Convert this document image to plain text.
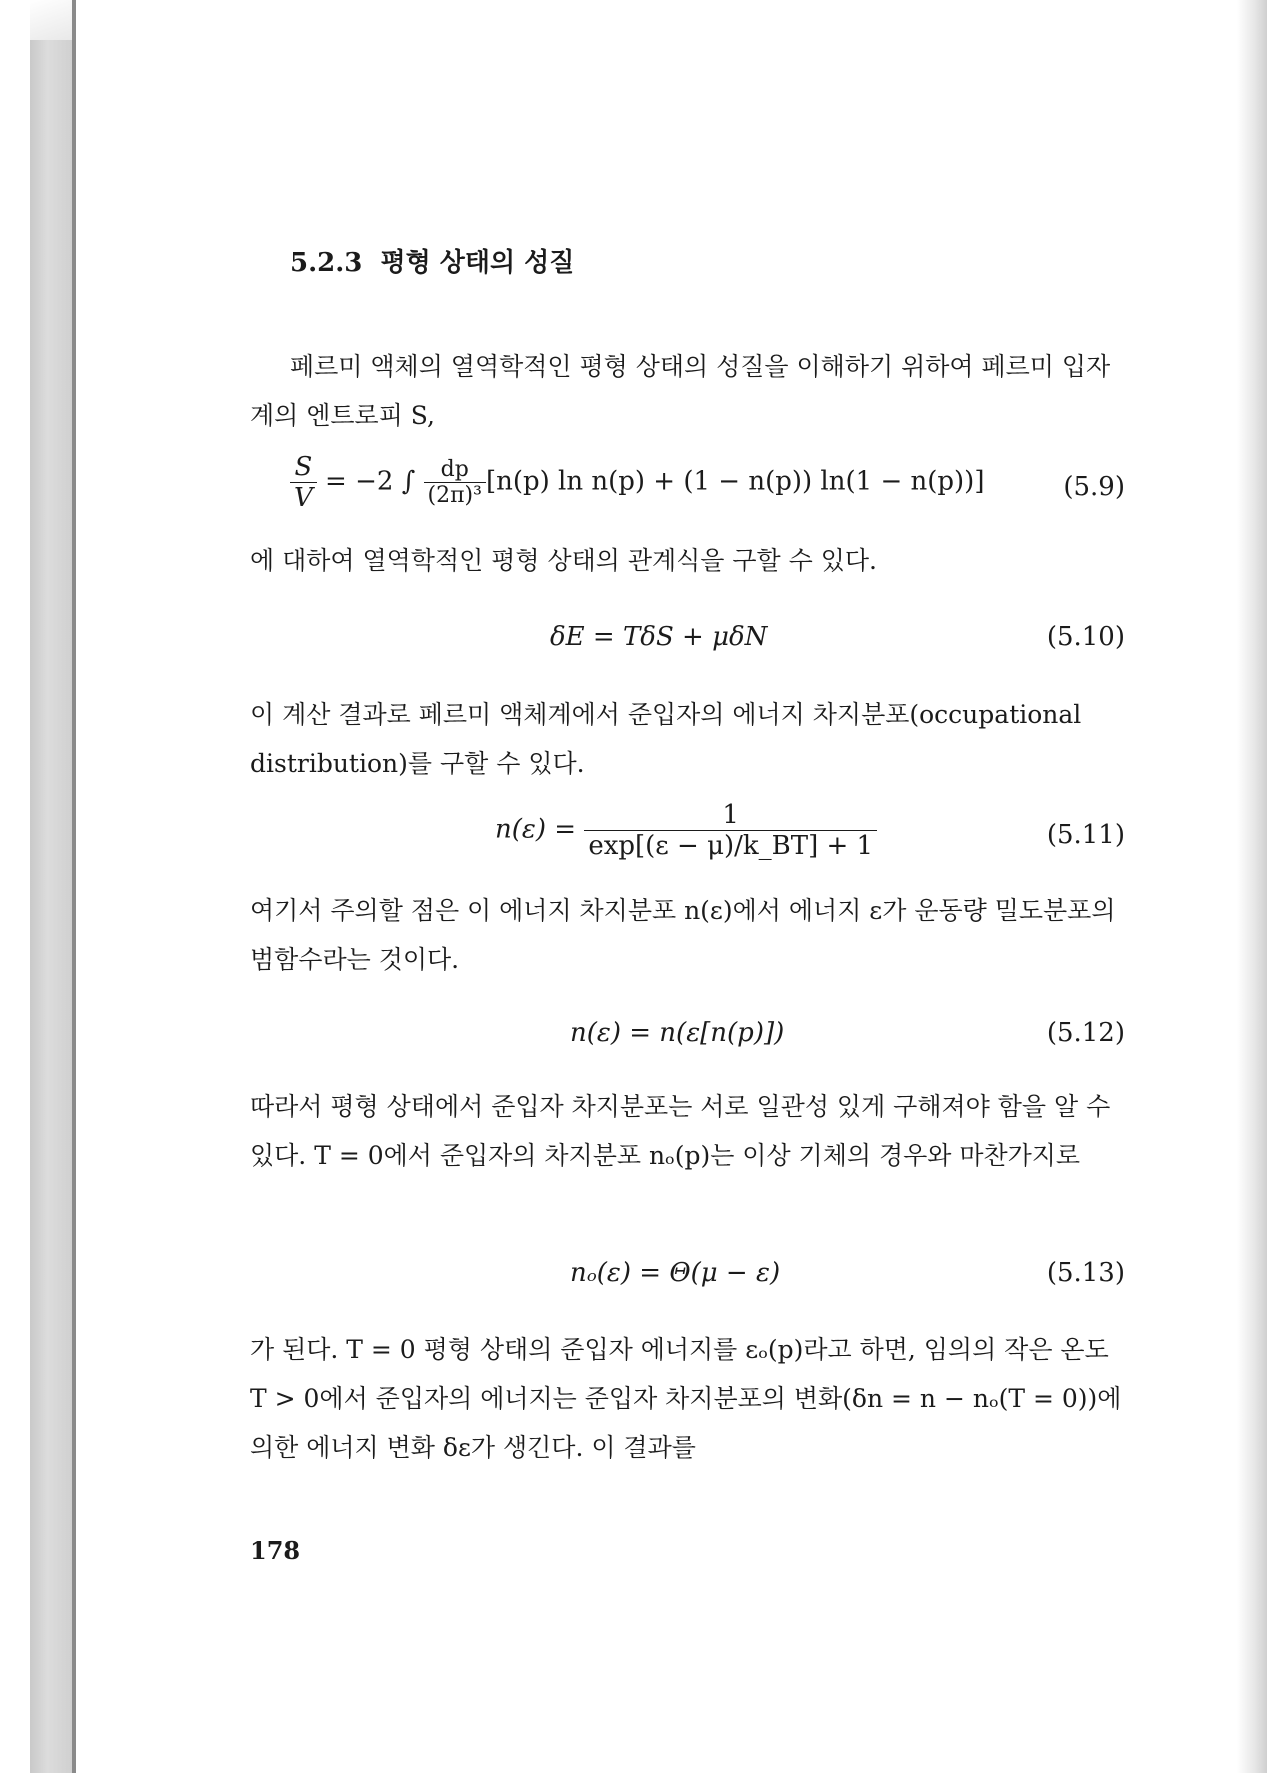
5.2.3 평형 상태의 성질
페르미 액체의 열역학적인 평형 상태의 성질을 이해하기 위하여 페르미 입자계의 엔트로피 S,
$\frac{S}{V} = -2$ ∫ $\frac{dp}{\text{(2π)³}} [n(p)$ ln n(p) + (1 − n(p)) ln(1 − n(p))]	(5.9)
에 대하여 열역학적인 평형 상태의 관계식을 구할 수 있다.
δE = TδS + μδN	(5.10)
이 계산 결과로 페르미 액체계에서 준입자의 에너지 차지분포(occupational distribution)를 구할 수 있다.
$n(\varepsilon) = \frac{1}{\exp[(\varepsilon - \mu)/k\_BT] + 1}$	(5.11)
여기서 주의할 점은 이 에너지 차지분포 n(ε)에서 에너지 ε가 운동량 밀도분포의 범함수라는 것이다.
n(ε) = n(ε[n(p)])	(5.12)
따라서 평형 상태에서 준입자 차지분포는 서로 일관성 있게 구해져야 함을 알 수 있다. T = 0에서 준입자의 차지분포 nₒ(p)는 이상 기체의 경우와 마찬가지로
nₒ(ε) = Θ(μ − ε)	(5.13)
가 된다. T = 0 평형 상태의 준입자 에너지를 εₒ(p)라고 하면, 임의의 작은 온도 T > 0에서 준입자의 에너지는 준입자 차지분포의 변화(δn = n − nₒ(T = 0))에 의한 에너지 변화 δε가 생긴다. 이 결과를
178
